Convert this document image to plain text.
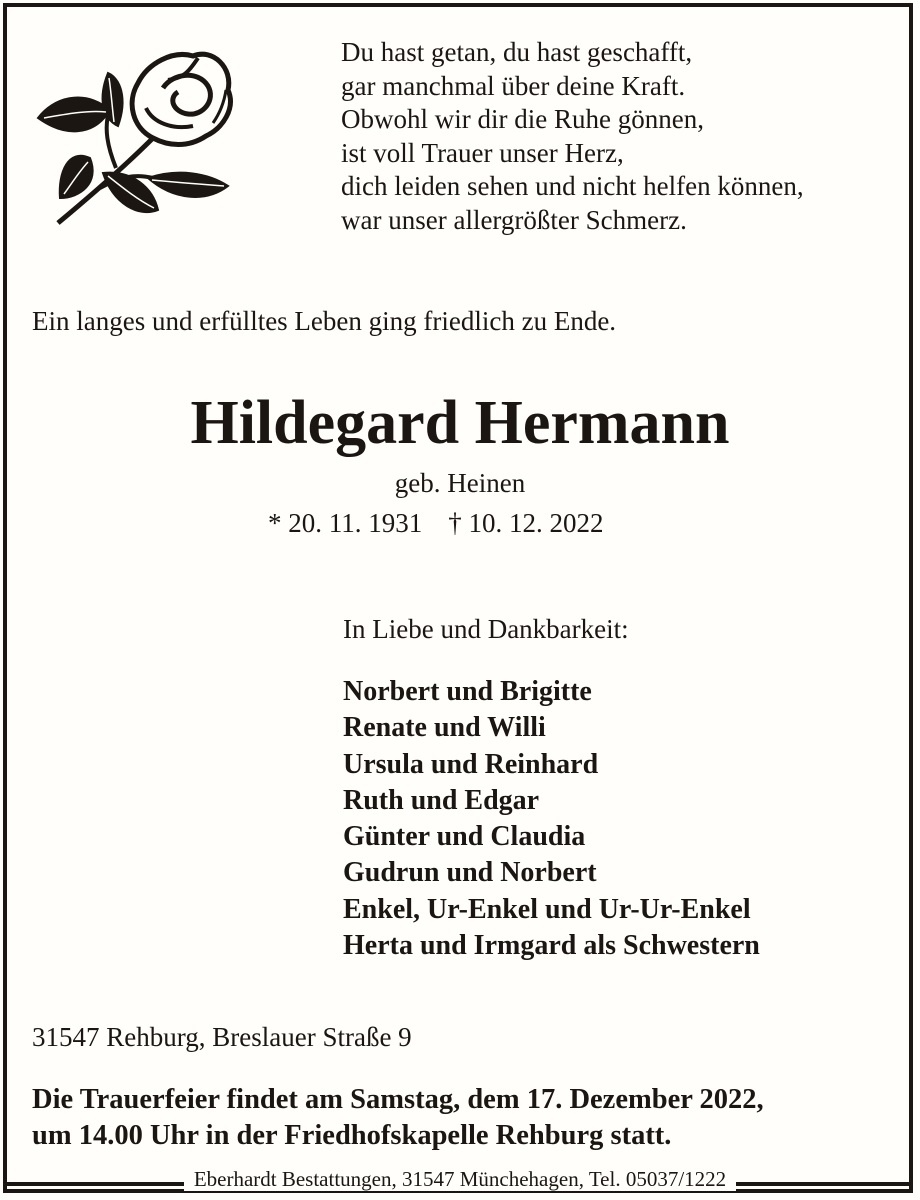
Du hast getan, du hast geschafft,
gar manchmal über deine Kraft.
Obwohl wir dir die Ruhe gönnen,
ist voll Trauer unser Herz,
dich leiden sehen und nicht helfen können,
war unser allergrößter Schmerz.
Ein langes und erfülltes Leben ging friedlich zu Ende.
Hildegard Hermann
geb. Heinen
* 20. 11. 1931 † 10. 12. 2022
In Liebe und Dankbarkeit:
Norbert und Brigitte
Renate und Willi
Ursula und Reinhard
Ruth und Edgar
Günter und Claudia
Gudrun und Norbert
Enkel, Ur-Enkel und Ur-Ur-Enkel
Herta und Irmgard als Schwestern
31547 Rehburg, Breslauer Straße 9
Die Trauerfeier findet am Samstag, dem 17. Dezember 2022,
um 14.00 Uhr in der Friedhofskapelle Rehburg statt.
Eberhardt Bestattungen, 31547 Münchehagen, Tel. 05037/1222
